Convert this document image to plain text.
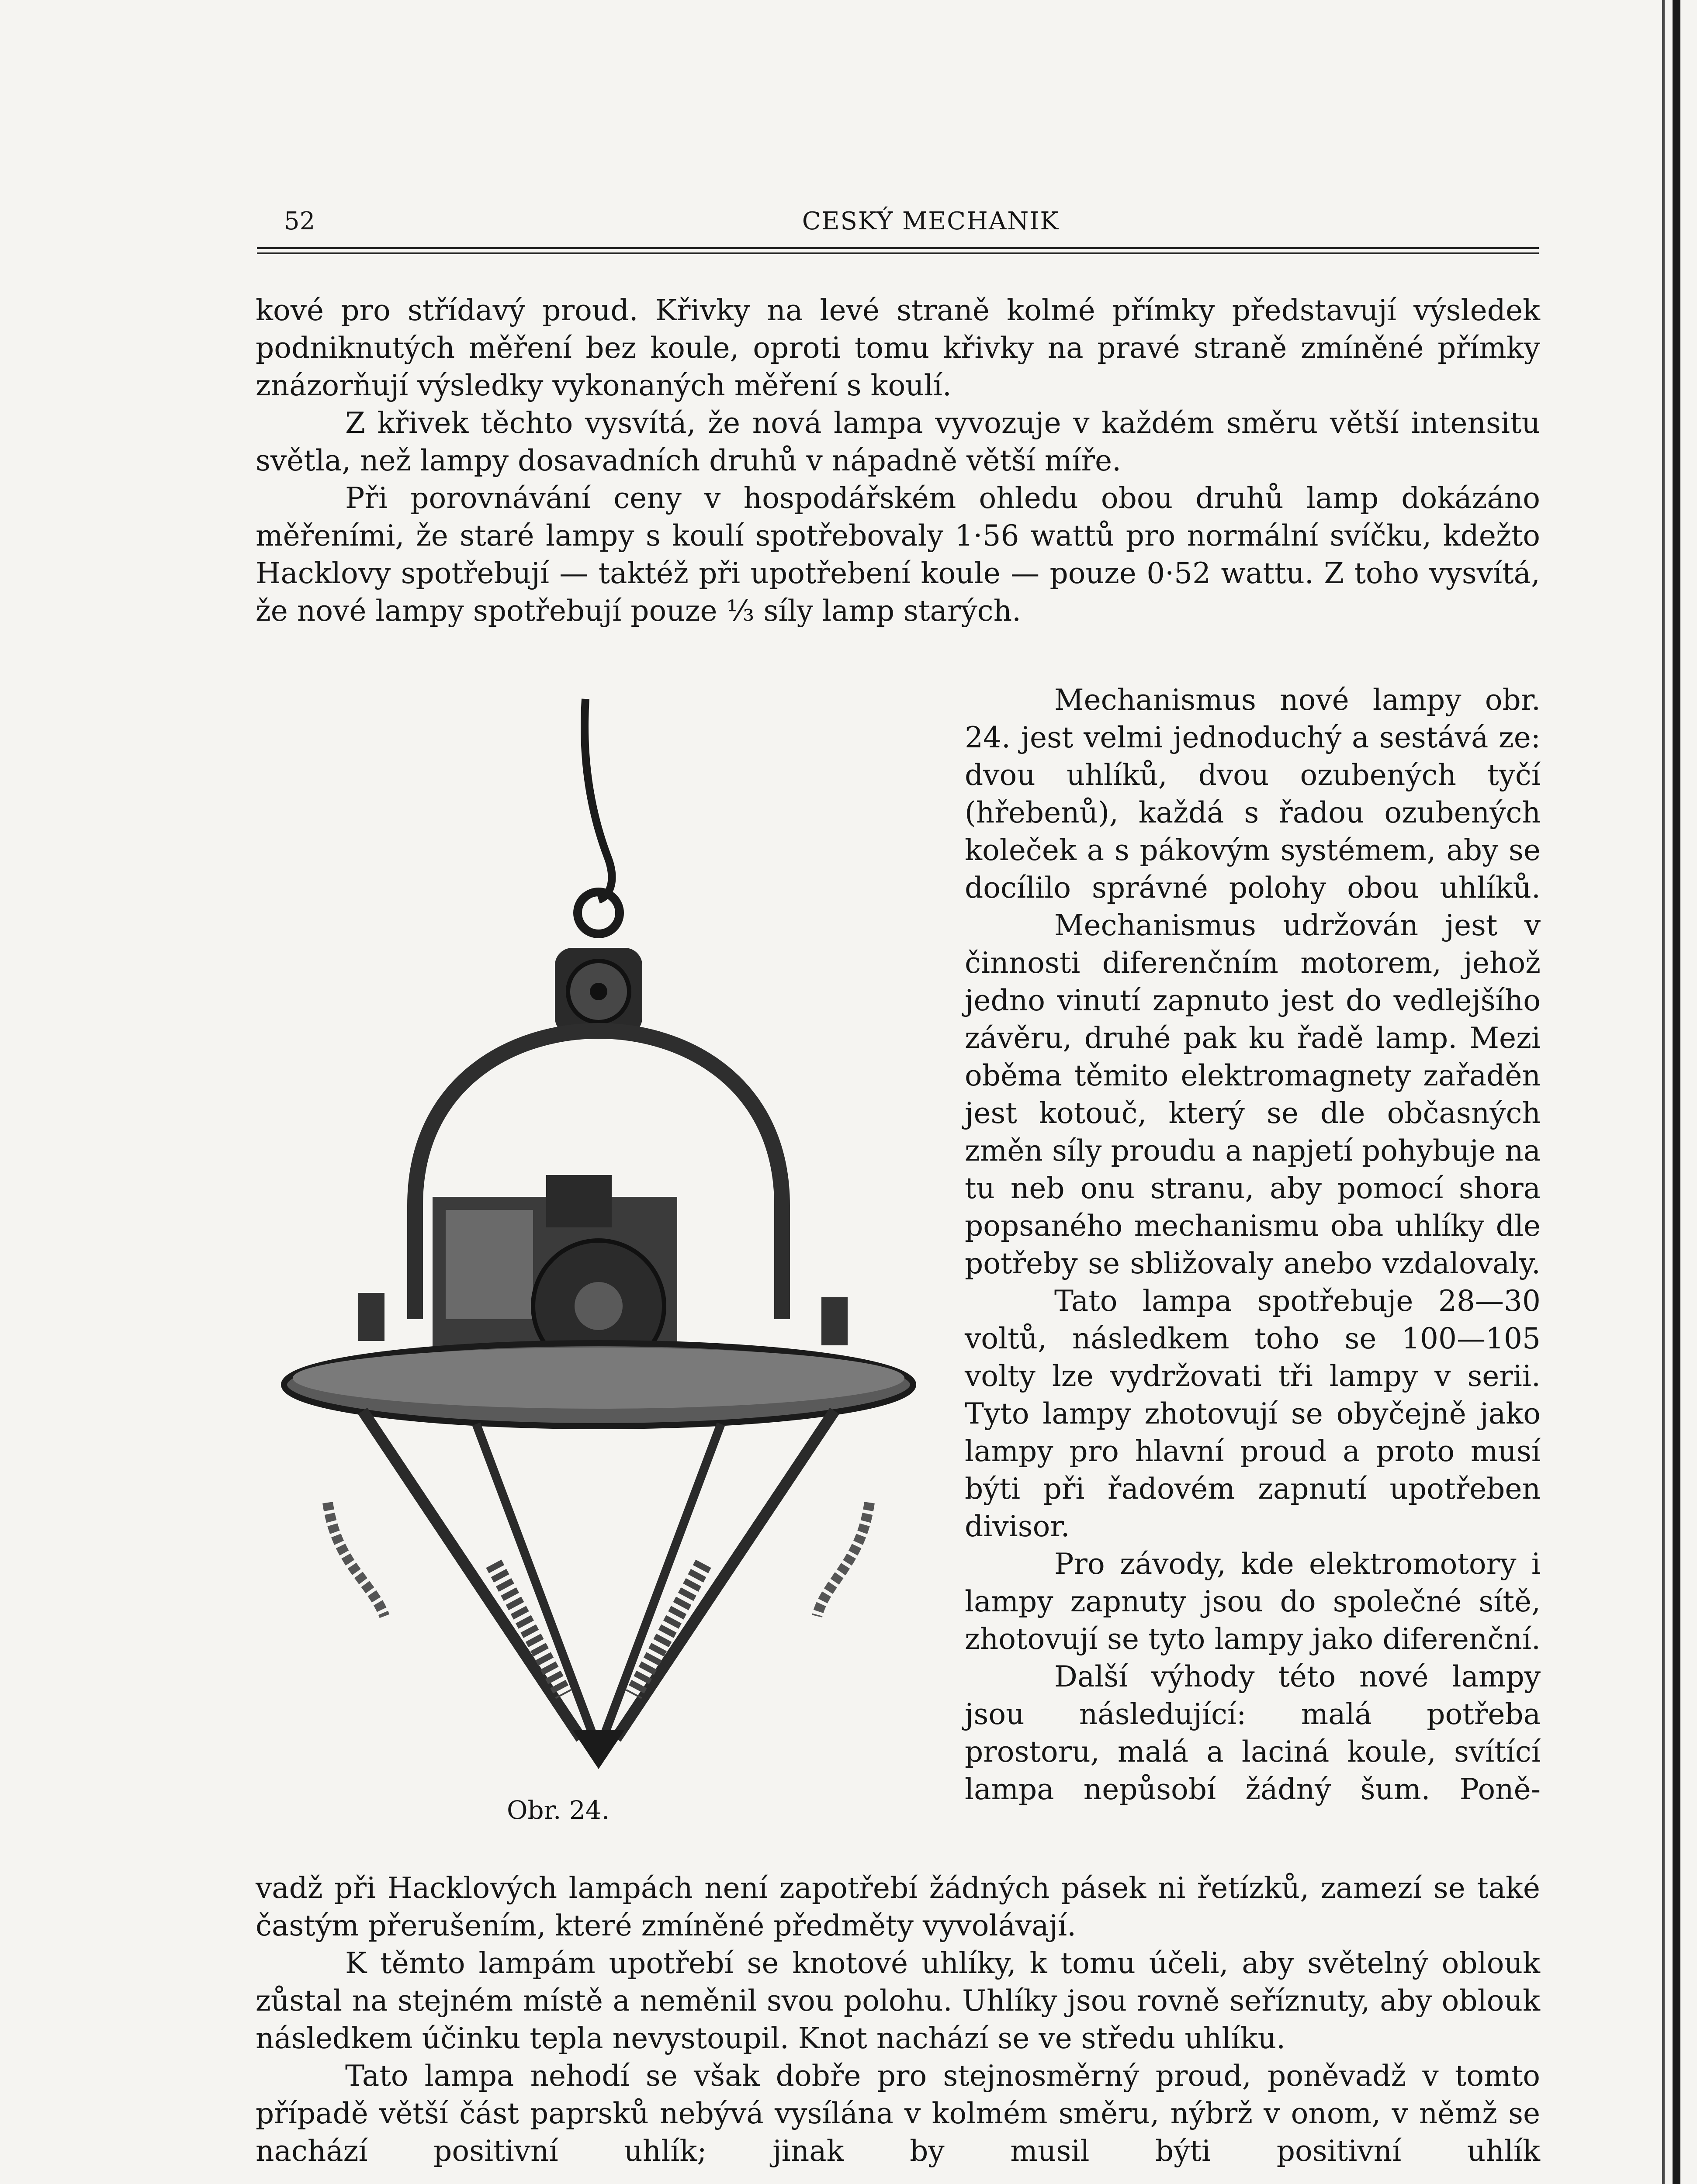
52	CESKÝ MECHANIK

kové pro střídavý proud. Křivky na levé straně kolmé přímky představují výsledek podniknutých měření bez koule, oproti tomu křivky na pravé straně zmíněné přímky znázorňují výsledky vykonaných měření s koulí.

Z křivek těchto vysvítá, že nová lampa vyvozuje v každém směru větší intensitu světla, než lampy dosavadních druhů v nápadně větší míře.

Při porovnávání ceny v hospodářském ohledu obou druhů lamp dokázáno měřeními, že staré lampy s koulí spotřebovaly 1·56 wattů pro normální svíčku, kdežto Hacklovy spotřebují — taktéž při upotřebení koule — pouze 0·52 wattu. Z toho vysvítá, že nové lampy spotřebují pouze ⅓ síly lamp starých.

Obr. 24.

Mechanismus nové lampy obr. 24. jest velmi jednoduchý a sestává ze: dvou uhlíků, dvou ozubených tyčí (hřebenů), každá s řadou ozubených koleček a s pákovým systémem, aby se docílilo správné polohy obou uhlíků.

Mechanismus udržován jest v činnosti diferenčním motorem, jehož jedno vinutí zapnuto jest do vedlejšího závěru, druhé pak ku řadě lamp. Mezi oběma těmito elektromagnety zařaděn jest kotouč, který se dle občasných změn síly proudu a napjetí pohybuje na tu neb onu stranu, aby pomocí shora popsaného mechanismu oba uhlíky dle potřeby se sbližovaly anebo vzdalovaly.

Tato lampa spotřebuje 28—30 voltů, následkem toho se 100—105 volty lze vydržovati tři lampy v serii. Tyto lampy zhotovují se obyčejně jako lampy pro hlavní proud a proto musí býti při řadovém zapnutí upotřeben divisor.

Pro závody, kde elektromotory i lampy zapnuty jsou do společné sítě, zhotovují se tyto lampy jako diferenční.

Další výhody této nové lampy jsou následující: malá potřeba prostoru, malá a laciná koule, svítící lampa nepůsobí žádný šum. Poně-

vadž při Hacklových lampách není zapotřebí žádných pásek ni řetízků, zamezí se také častým přerušením, které zmíněné předměty vyvolávají.

K těmto lampám upotřebí se knotové uhlíky, k tomu účeli, aby světelný oblouk zůstal na stejném místě a neměnil svou polohu. Uhlíky jsou rovně seříznuty, aby oblouk následkem účinku tepla nevystoupil. Knot nachází se ve středu uhlíku.

Tato lampa nehodí se však dobře pro stejnosměrný proud, poněvadž v tomto případě větší část paprsků nebývá vysílána v kolmém směru, nýbrž v onom, v němž se nachází positivní uhlík; jinak by musil býti positivní uhlík
